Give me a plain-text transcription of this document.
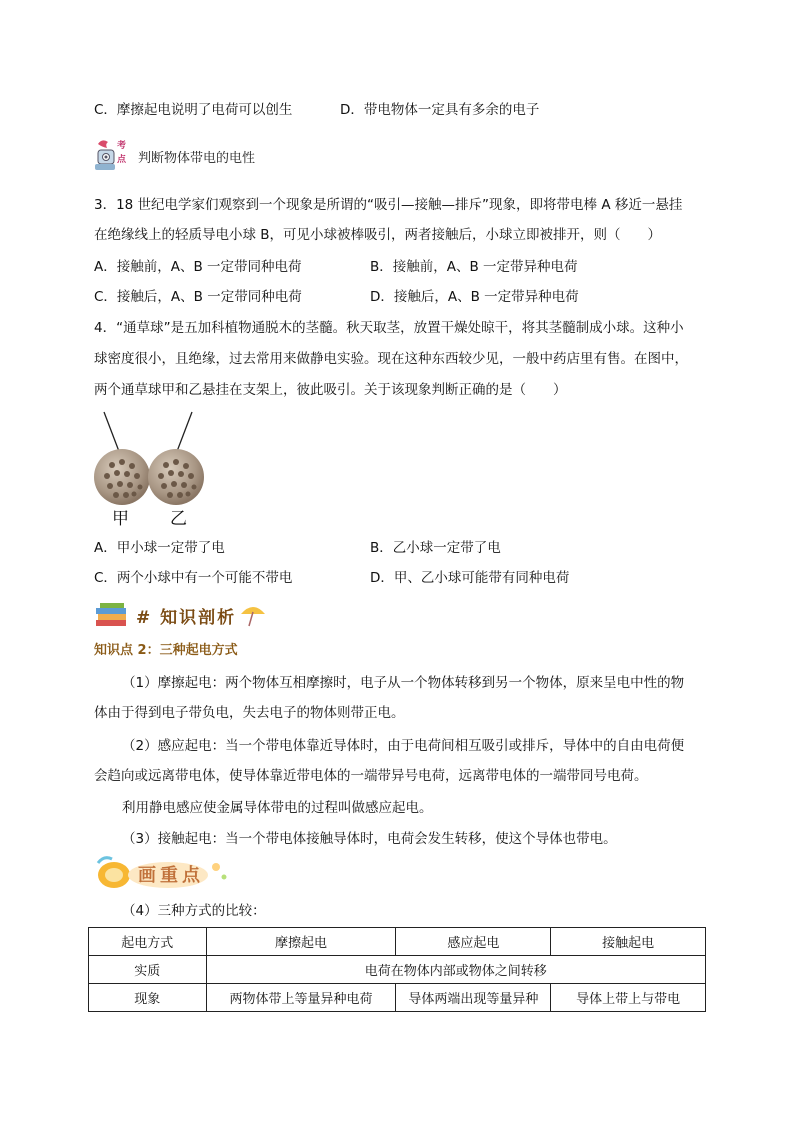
C．摩擦起电说明了电荷可以创生	D．带电物体一定具有多余的电子
考
点 判断物体带电的电性
3．18 世纪电学家们观察到一个现象是所谓的“吸引—接触—排斥”现象，即将带电棒 A 移近一悬挂
在绝缘线上的轻质导电小球 B，可见小球被棒吸引，两者接触后，小球立即被排开，则（　　）
A．接触前，A、B 一定带同种电荷	B．接触前，A、B 一定带异种电荷
C．接触后，A、B 一定带同种电荷	D．接触后，A、B 一定带异种电荷
4．“通草球”是五加科植物通脱木的茎髓。秋天取茎，放置干燥处晾干，将其茎髓制成小球。这种小
球密度很小，且绝缘，过去常用来做静电实验。现在这种东西较少见，一般中药店里有售。在图中，
两个通草球甲和乙悬挂在支架上，彼此吸引。关于该现象判断正确的是（　　）
甲 乙
A．甲小球一定带了电	B．乙小球一定带了电
C．两个小球中有一个可能不带电	D．甲、乙小球可能带有同种电荷
# 知识剖析
知识点 2：三种起电方式
（1）摩擦起电：两个物体互相摩擦时，电子从一个物体转移到另一个物体，原来呈电中性的物
体由于得到电子带负电，失去电子的物体则带正电。
（2）感应起电：当一个带电体靠近导体时，由于电荷间相互吸引或排斥，导体中的自由电荷便
会趋向或远离带电体，使导体靠近带电体的一端带异号电荷，远离带电体的一端带同号电荷。
利用静电感应使金属导体带电的过程叫做感应起电。
（3）接触起电：当一个带电体接触导体时，电荷会发生转移，使这个导体也带电。
画重点
（4）三种方式的比较：
起电方式	摩擦起电	感应起电	接触起电
实质	电荷在物体内部或物体之间转移		
现象	两物体带上等量异种电荷	导体两端出现等量异种	导体上带上与带电
